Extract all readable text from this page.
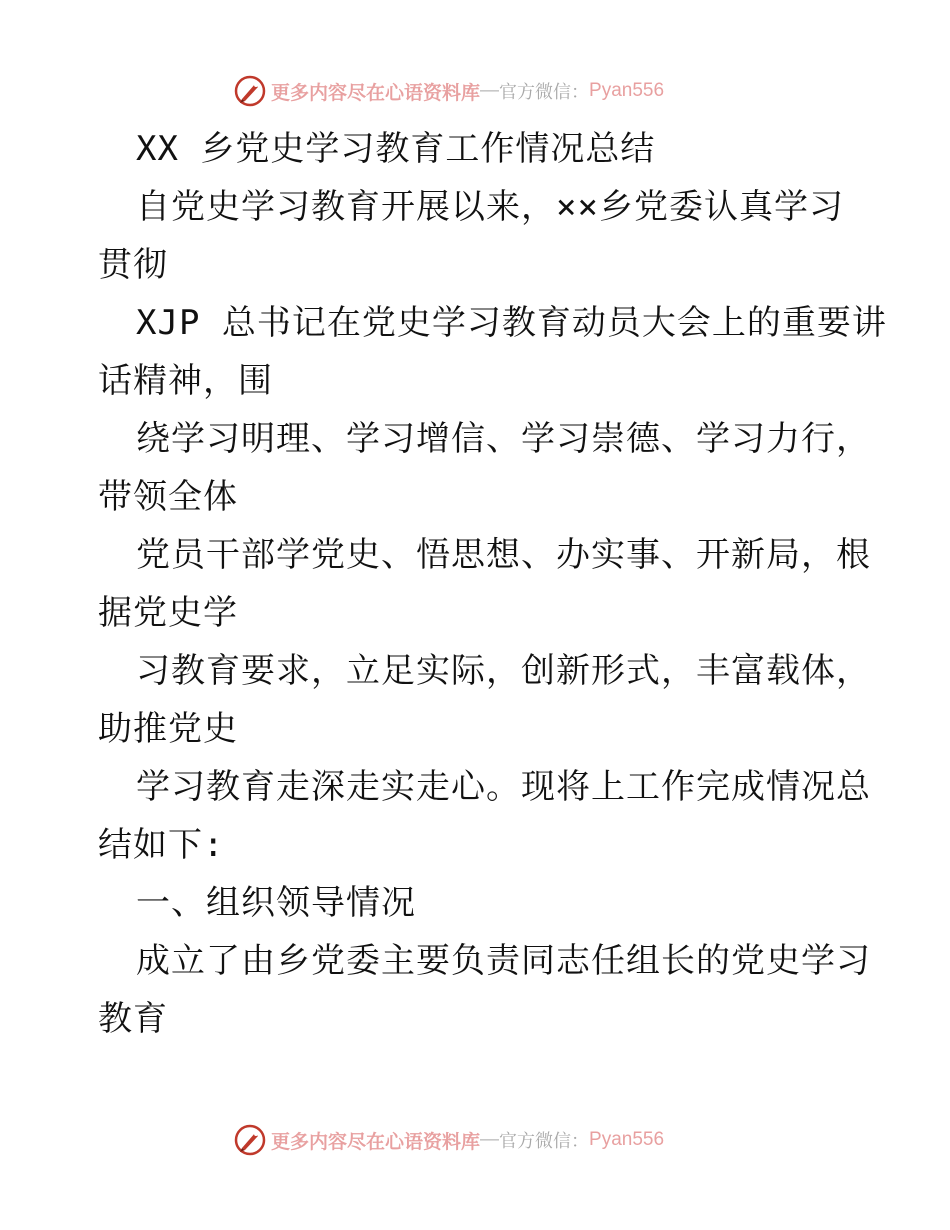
更多内容尽在心语资料库 — 官方微信： Pyan556
XX 乡党史学习教育工作情况总结
自党史学习教育开展以来，××乡党委认真学习
贯彻
XJP 总书记在党史学习教育动员大会上的重要讲
话精神，围
绕学习明理、学习增信、学习崇德、学习力行，
带领全体
党员干部学党史、悟思想、办实事、开新局，根
据党史学
习教育要求，立足实际，创新形式，丰富载体，
助推党史
学习教育走深走实走心。现将上工作完成情况总
结如下:
一、组织领导情况
成立了由乡党委主要负责同志任组长的党史学习
教育
更多内容尽在心语资料库 — 官方微信： Pyan556
